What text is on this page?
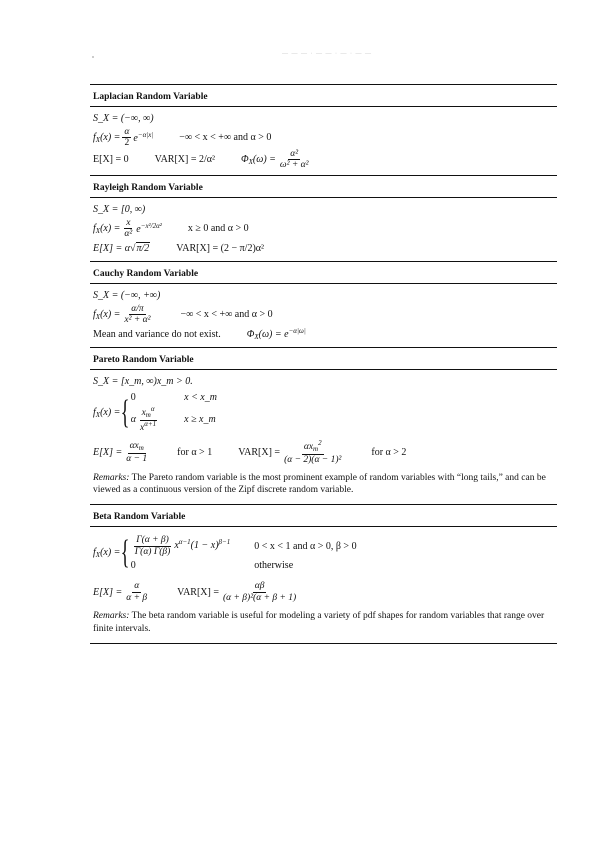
— — — · — — · — · — —
Laplacian Random Variable
S_X = (−∞, ∞)
$f_X(x) = \frac{\alpha}{2} e^{-\alpha|x|}$	−∞ < x < +∞ and α > 0
E[X] = 0	VAR[X] = 2/α²	$\Phi_X(\omega) = \frac{\text{α²}}{\text{ω² + α²}}$
Rayleigh Random Variable
S_X = [0, ∞)
$f_X(x) = \frac{x}{\text{α²}} e^{-x^2/2\alpha^2}$	x ≥ 0 and α > 0
E[X] = α √π/2	VAR[X] = (2 − π/2)α²
Cauchy Random Variable
S_X = (−∞, +∞)
$f_X(x) = \frac{\alpha/\pi}{\text{x² + α²}}$	−∞ < x < +∞ and α > 0
Mean and variance do not exist.	$\Phi_X(\omega) = e^{-\alpha|\omega|}$
Pareto Random Variable
S_X = [x_m, ∞)x_m > 0.
$f_X(x)$ = { 0	x < x_m
α $\frac{x_m^\alpha}{x^{\alpha+1}}$	x ≥ x_m
$E[X] = \frac{\alpha x_m}{\alpha - 1}$	for α > 1	$VAR[X] = \frac{\alpha x_m^2}{\text{(α − 2)(α − 1)²}}$	for α > 2
Remarks: The Pareto random variable is the most prominent example of random variables with “long tails,” and can be viewed as a continuous version of the Zipf discrete random variable.
Beta Random Variable
$f_X(x)$ = { $\frac{\Gamma(\alpha + \beta)}{\Gamma(\alpha) \Gamma(\beta)} x^{\alpha-1}(1 - x)^{\beta-1}$ 0 < x < 1 and α > 0, β > 0
0	otherwise
$E[X] = \frac{\alpha}{\alpha + \beta}$	$VAR[X] = \frac{\alpha\beta}{\text{(α + β)²(α + β + 1)}}$
Remarks: The beta random variable is useful for modeling a variety of pdf shapes for random variables that range over finite intervals.
